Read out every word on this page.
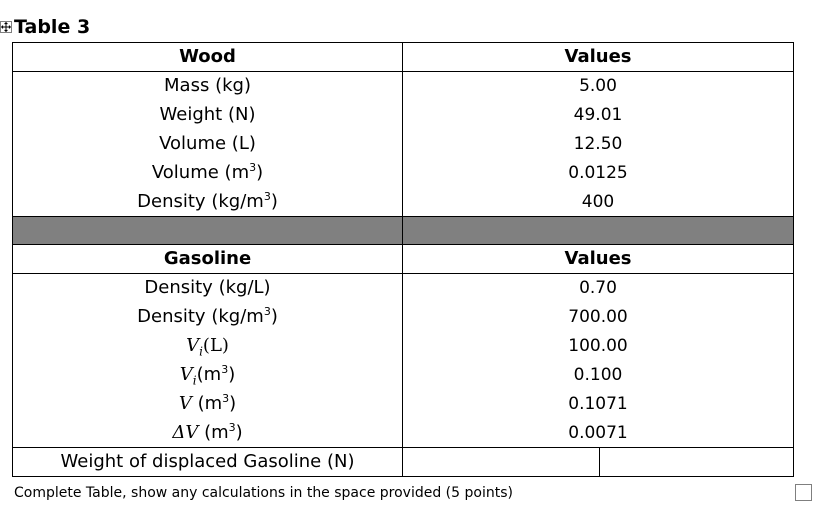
Table 3
Wood	Values
Mass (kg)	5.00
Weight (N)	49.01
Volume (L)	12.50
Volume $(m^3)$	0.0125
Density $(kg/m^3)$	400

Gasoline	Values
Density (kg/L)	0.70
Density $(kg/m^3)$	700.00
$V_i(L)$	100.00
$V_i(m^3)$	0.100
V $(m^3)$	0.1071
ΔV $(m^3)$	0.0071
Weight of displaced Gasoline (N)	
Complete Table, show any calculations in the space provided (5 points)
